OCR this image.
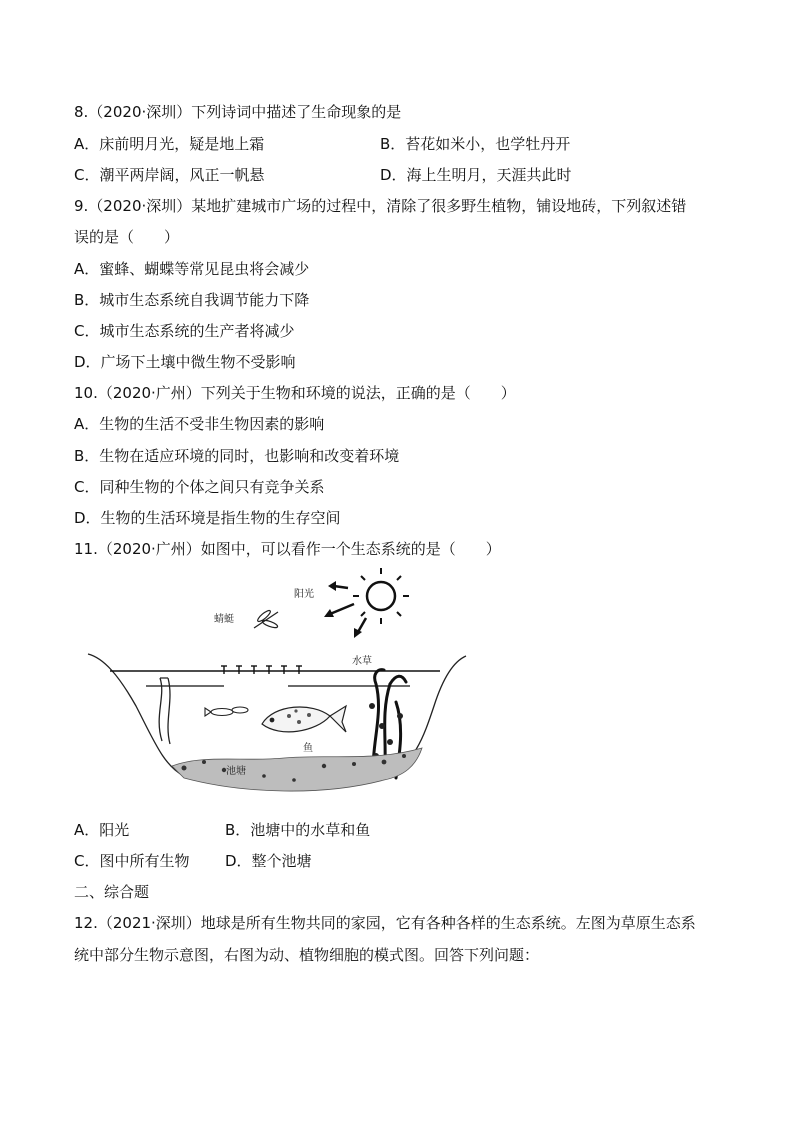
8.（2020·深圳）下列诗词中描述了生命现象的是
A．床前明月光，疑是地上霜	B．苔花如米小，也学牡丹开
C．潮平两岸阔，风正一帆悬	D．海上生明月，天涯共此时
9.（2020·深圳）某地扩建城市广场的过程中，清除了很多野生植物，铺设地砖，下列叙述错
误的是（　　）
A．蜜蜂、蝴蝶等常见昆虫将会减少
B．城市生态系统自我调节能力下降
C．城市生态系统的生产者将减少
D．广场下土壤中微生物不受影响
10.（2020·广州）下列关于生物和环境的说法，正确的是（　　）
A．生物的生活不受非生物因素的影响
B．生物在适应环境的同时，也影响和改变着环境
C．同种生物的个体之间只有竞争关系
D．生物的生活环境是指生物的生存空间
11.（2020·广州）如图中，可以看作一个生态系统的是（　　）
阳光
蜻蜓
水草
鱼
池塘
A．阳光	B．池塘中的水草和鱼
C．图中所有生物 D．整个池塘
二、综合题
12.（2021·深圳）地球是所有生物共同的家园，它有各种各样的生态系统。左图为草原生态系
统中部分生物示意图，右图为动、植物细胞的模式图。回答下列问题：
